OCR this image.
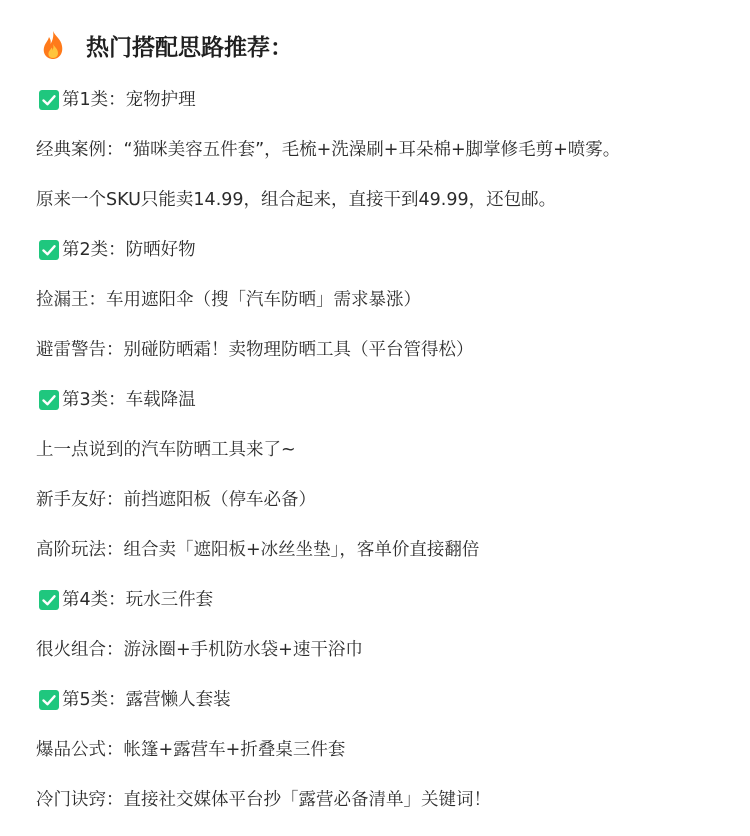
热门搭配思路推荐：
第1类：宠物护理
经典案例：“猫咪美容五件套”，毛梳+洗澡刷+耳朵棉+脚掌修毛剪+喷雾。
原来一个SKU只能卖14.99，组合起来，直接干到49.99，还包邮。
第2类：防晒好物
捡漏王：车用遮阳伞（搜「汽车防晒」需求暴涨）
避雷警告：别碰防晒霜！卖物理防晒工具（平台管得松）
第3类：车载降温
上一点说到的汽车防晒工具来了~
新手友好：前挡遮阳板（停车必备）
高阶玩法：组合卖「遮阳板+冰丝坐垫」，客单价直接翻倍
第4类：玩水三件套
很火组合：游泳圈+手机防水袋+速干浴巾
第5类：露营懒人套装
爆品公式：帐篷+露营车+折叠桌三件套
冷门诀窍：直接社交媒体平台抄「露营必备清单」关键词！
